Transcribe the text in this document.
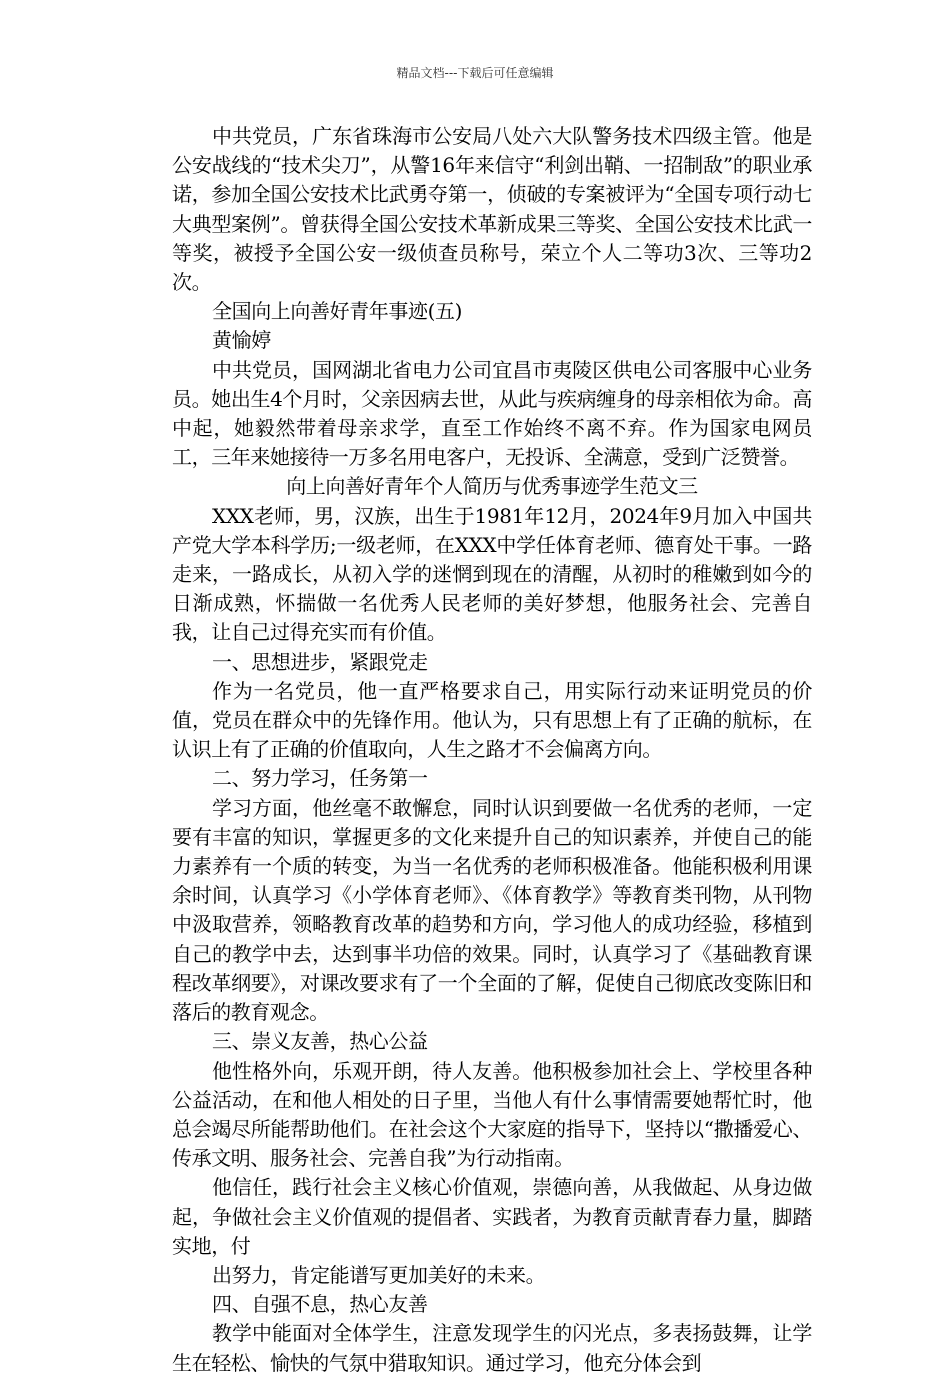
精品文档---下载后可任意编辑

中共党员，广东省珠海市公安局八处六大队警务技术四级主管。他是公安战线的“技术尖刀”，从警16年来信守“利剑出鞘、一招制敌”的职业承诺，参加全国公安技术比武勇夺第一，侦破的专案被评为“全国专项行动七大典型案例”。曾获得全国公安技术革新成果三等奖、全国公安技术比武一等奖，被授予全国公安一级侦查员称号，荣立个人二等功3次、三等功2次。

全国向上向善好青年事迹(五)

黄愉婷

中共党员，国网湖北省电力公司宜昌市夷陵区供电公司客服中心业务员。她出生4个月时，父亲因病去世，从此与疾病缠身的母亲相依为命。高中起，她毅然带着母亲求学，直至工作始终不离不弃。作为国家电网员工，三年来她接待一万多名用电客户，无投诉、全满意，受到广泛赞誉。

向上向善好青年个人简历与优秀事迹学生范文三

XXX老师，男，汉族，出生于1981年12月，2024年9月加入中国共产党大学本科学历;一级老师，在XXX中学任体育老师、德育处干事。一路走来，一路成长，从初入学的迷惘到现在的清醒，从初时的稚嫩到如今的日渐成熟，怀揣做一名优秀人民老师的美好梦想，他服务社会、完善自我，让自己过得充实而有价值。

一、思想进步，紧跟党走

作为一名党员，他一直严格要求自己，用实际行动来证明党员的价值，党员在群众中的先锋作用。他认为，只有思想上有了正确的航标，在认识上有了正确的价值取向，人生之路才不会偏离方向。

二、努力学习，任务第一

学习方面，他丝毫不敢懈怠，同时认识到要做一名优秀的老师，一定要有丰富的知识，掌握更多的文化来提升自己的知识素养，并使自己的能力素养有一个质的转变，为当一名优秀的老师积极准备。他能积极利用课余时间，认真学习《小学体育老师》、《体育教学》等教育类刊物，从刊物中汲取营养，领略教育改革的趋势和方向，学习他人的成功经验，移植到自己的教学中去，达到事半功倍的效果。同时，认真学习了《基础教育课程改革纲要》，对课改要求有了一个全面的了解，促使自己彻底改变陈旧和落后的教育观念。

三、崇义友善，热心公益

他性格外向，乐观开朗，待人友善。他积极参加社会上、学校里各种公益活动，在和他人相处的日子里，当他人有什么事情需要她帮忙时，他总会竭尽所能帮助他们。在社会这个大家庭的指导下，坚持以“撒播爱心、传承文明、服务社会、完善自我”为行动指南。

他信任，践行社会主义核心价值观，崇德向善，从我做起、从身边做起，争做社会主义价值观的提倡者、实践者，为教育贡献青春力量，脚踏实地，付

出努力，肯定能谱写更加美好的未来。

四、自强不息，热心友善

教学中能面对全体学生，注意发现学生的闪光点，多表扬鼓舞，让学生在轻松、愉快的气氛中猎取知识。通过学习，他充分体会到
